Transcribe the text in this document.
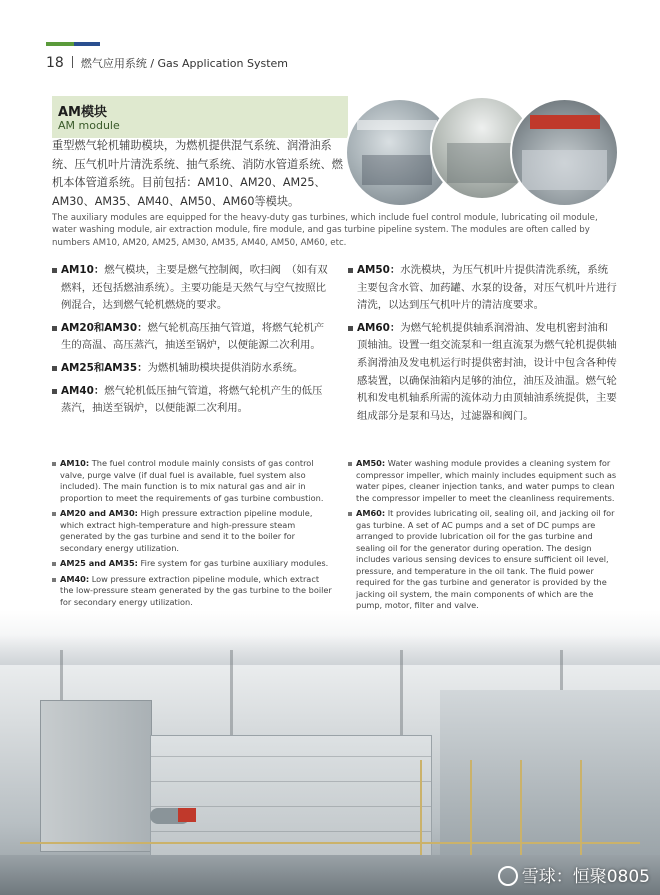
18 燃气应用系统 / Gas Application System
AM模块
AM module
重型燃气轮机辅助模块，为燃机提供混气系统、润滑油系统、压气机叶片清洗系统、抽气系统、消防水管道系统、燃机本体管道系统。目前包括：AM10、AM20、AM25、AM30、AM35、AM40、AM50、AM60等模块。
The auxiliary modules are equipped for the heavy-duty gas turbines, which include fuel control module, lubricating oil module, water washing module, air extraction module, fire module, and gas turbine pipeline system. The modules are often called by numbers AM10, AM20, AM25, AM30, AM35, AM40, AM50, AM60, etc.
AM10：燃气模块，主要是燃气控制阀，吹扫阀　（如有双燃料，还包括燃油系统）。主要功能是天然气与空气按照比例混合，达到燃气轮机燃烧的要求。
AM20和AM30：燃气轮机高压抽气管道，将燃气轮机产生的高温、高压蒸汽，抽送至锅炉，以便能源二次利用。
AM25和AM35：为燃机辅助模块提供消防水系统。
AM40：燃气轮机低压抽气管道，将燃气轮机产生的低压蒸汽，抽送至锅炉，以便能源二次利用。
AM50：水洗模块，为压气机叶片提供清洗系统，系统主要包含水管、加药罐、水泵的设备，对压气机叶片进行清洗，以达到压气机叶片的清洁度要求。
AM60：为燃气轮机提供轴系润滑油、发电机密封油和顶轴油。设置一组交流泵和一组直流泵为燃气轮机提供轴系润滑油及发电机运行时提供密封油，设计中包含各种传感装置，以确保油箱内足够的油位，油压及油温。燃气轮机和发电机轴系所需的流体动力由顶轴油系统提供，主要组成部分是泵和马达，过滤器和阀门。
AM10: The fuel control module mainly consists of gas control valve, purge valve (if dual fuel is available, fuel system also included). The main function is to mix natural gas and air in proportion to meet the requirements of gas turbine combustion.
AM20 and AM30: High pressure extraction pipeline module, which extract high-temperature and high-pressure steam generated by the gas turbine and send it to the boiler for secondary energy utilization.
AM25 and AM35: Fire system for gas turbine auxiliary modules.
AM40: Low pressure extraction pipeline module, which extract the low-pressure steam generated by the gas turbine to the boiler for secondary energy utilization.
AM50: Water washing module provides a cleaning system for compressor impeller, which mainly includes equipment such as water pipes, cleaner injection tanks, and water pumps to clean the compressor impeller to meet the cleanliness requirements.
AM60: It provides lubricating oil, sealing oil, and jacking oil for gas turbine. A set of AC pumps and a set of DC pumps are arranged to provide lubrication oil for the gas turbine and sealing oil for the generator during operation. The design includes various sensing devices to ensure sufficient oil level, pressure, and temperature in the oil tank. The fluid power required for the gas turbine and generator is provided by the jacking oil system, the main components of which are the pump, motor, filter and valve.
雪球：恒聚0805
